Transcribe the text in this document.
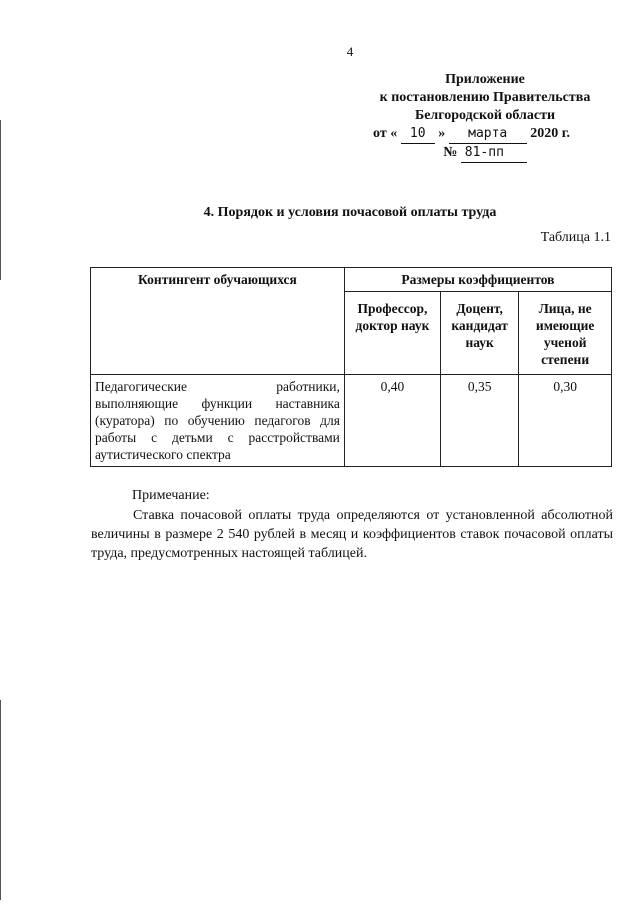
4
Приложение
к постановлению Правительства
Белгородской области
от « 10 » марта 2020 г.
№ 81-пп
4. Порядок и условия почасовой оплаты труда
Таблица 1.1
Контингент обучающихся	Размеры коэффициентов		
	Профессор, доктор наук	Доцент, кандидат наук	Лица, не имеющие ученой степени
Педагогические работники, выполняющие функции наставника (куратора) по обучению педагогов для работы с детьми с расстройствами аутистического спектра	0,40	0,35	0,30
Примечание:
Ставка почасовой оплаты труда определяются от установленной абсолютной величины в размере 2 540 рублей в месяц и коэффициентов ставок почасовой оплаты труда, предусмотренных настоящей таблицей.
